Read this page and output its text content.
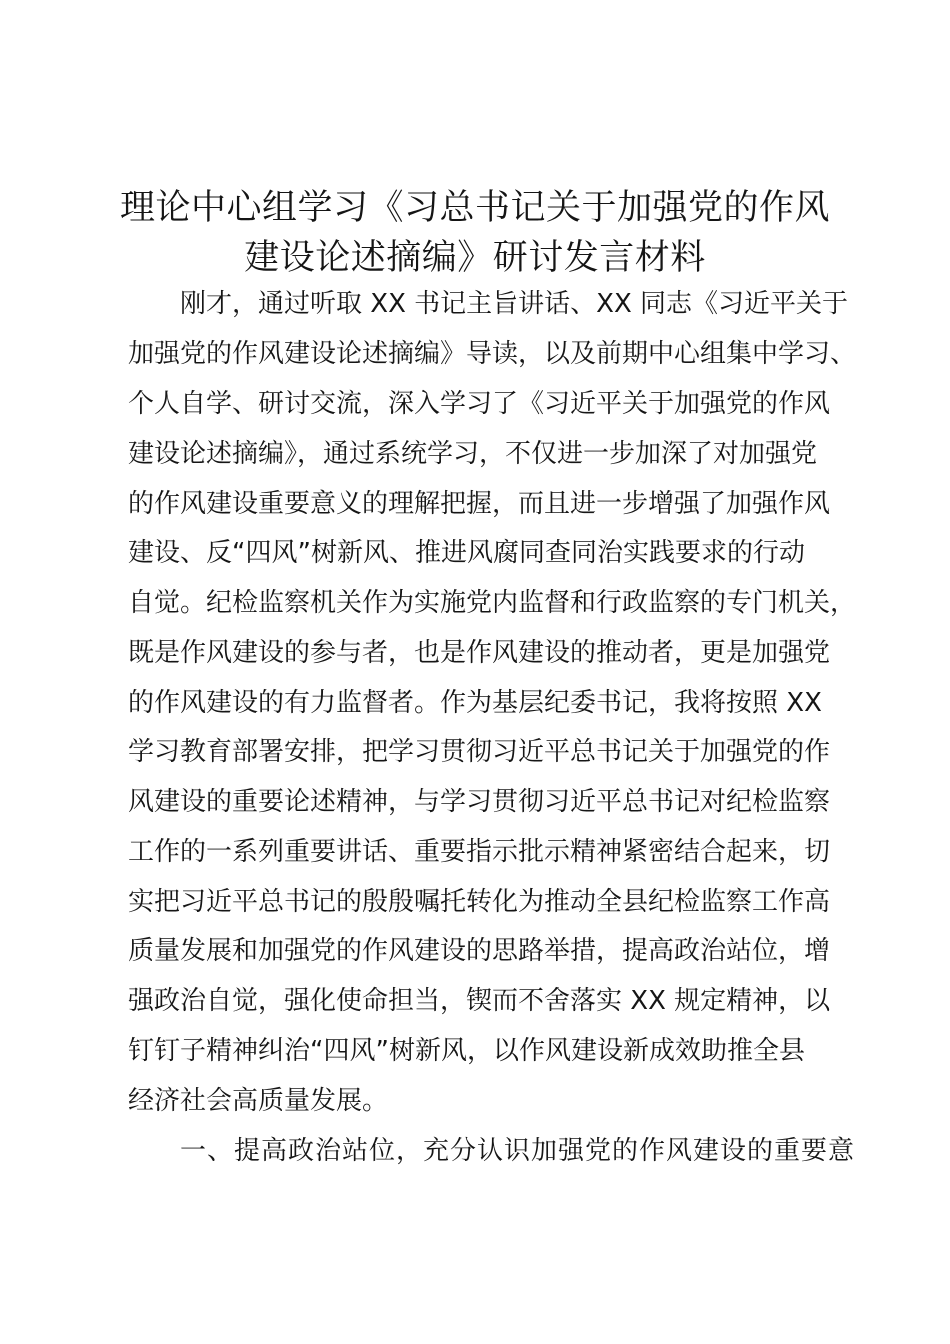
理论中心组学习《习总书记关于加强党的作风
建设论述摘编》研讨发言材料
刚才，通过听取 XX 书记主旨讲话、XX 同志《习近平关于
加强党的作风建设论述摘编》导读，以及前期中心组集中学习、
个人自学、研讨交流，深入学习了《习近平关于加强党的作风
建设论述摘编》，通过系统学习，不仅进一步加深了对加强党
的作风建设重要意义的理解把握，而且进一步增强了加强作风
建设、反“四风”树新风、推进风腐同查同治实践要求的行动
自觉。纪检监察机关作为实施党内监督和行政监察的专门机关，
既是作风建设的参与者，也是作风建设的推动者，更是加强党
的作风建设的有力监督者。作为基层纪委书记，我将按照 XX
学习教育部署安排，把学习贯彻习近平总书记关于加强党的作
风建设的重要论述精神，与学习贯彻习近平总书记对纪检监察
工作的一系列重要讲话、重要指示批示精神紧密结合起来，切
实把习近平总书记的殷殷嘱托转化为推动全县纪检监察工作高
质量发展和加强党的作风建设的思路举措，提高政治站位，增
强政治自觉，强化使命担当，锲而不舍落实 XX 规定精神，以
钉钉子精神纠治“四风”树新风，以作风建设新成效助推全县
经济社会高质量发展。
一、提高政治站位，充分认识加强党的作风建设的重要意
